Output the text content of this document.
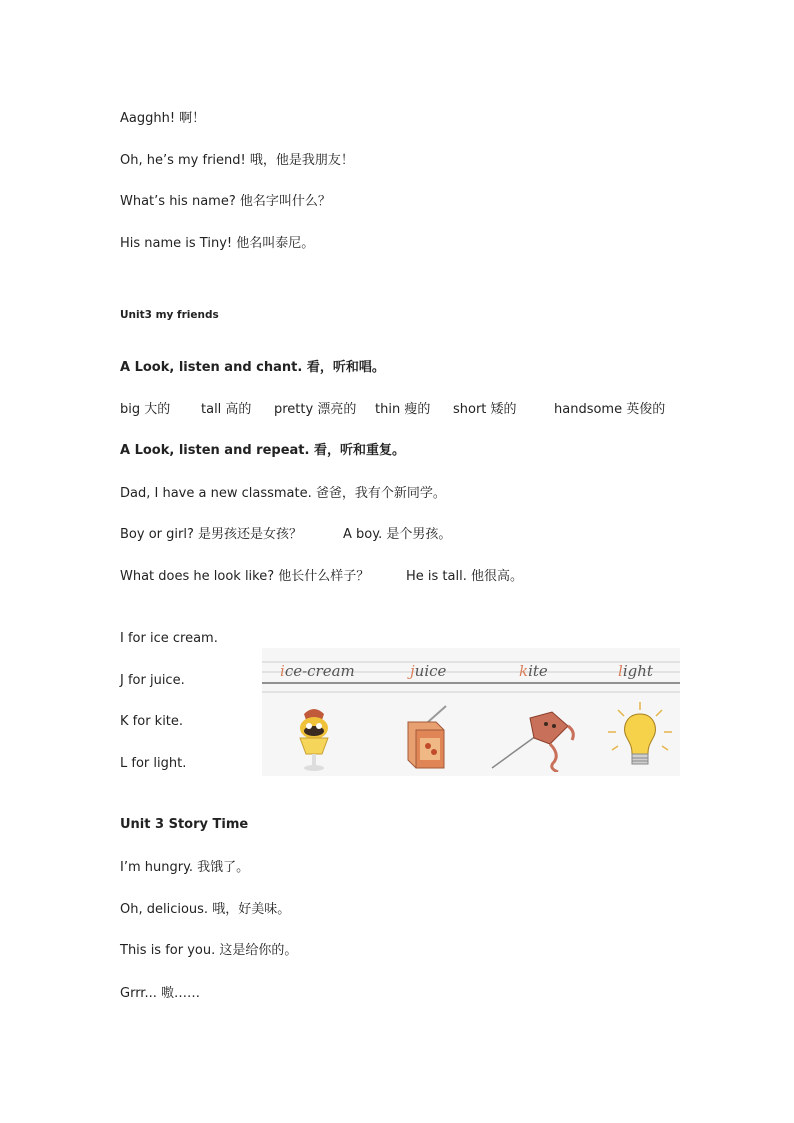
Aagghh! 啊！
Oh, he’s my friend! 哦，他是我朋友！
What’s his name? 他名字叫什么？
His name is Tiny! 他名叫泰尼。
Unit3 my friends
A Look, listen and chant. 看，听和唱。
big 大的 tall 高的 pretty 漂亮的 thin 瘦的 short 矮的	handsome 英俊的
A Look, listen and repeat. 看，听和重复。
Dad, I have a new classmate. 爸爸，我有个新同学。
Boy or girl? 是男孩还是女孩？	A boy. 是个男孩。
What does he look like? 他长什么样子？	He is tall. 他很高。
I for ice cream.
J for juice.
K for kite.
L for light.
ice-cream	juice	kite	light
Unit 3 Story Time
I’m hungry. 我饿了。
Oh, delicious. 哦，好美味。
This is for you. 这是给你的。
Grrr... 嗷……
